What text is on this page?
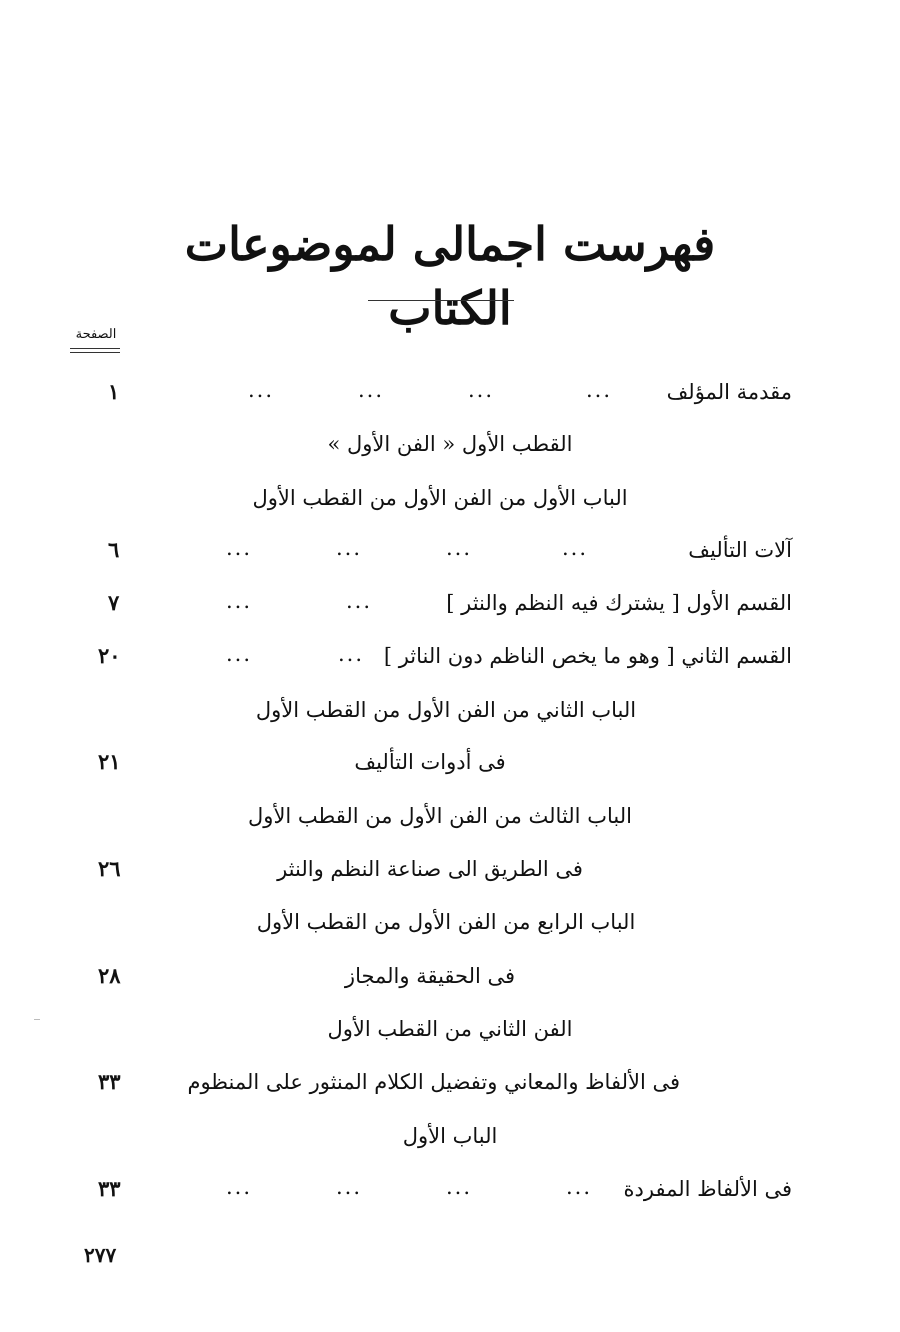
فهرست اجمالى لموضوعات الكتاب
الصفحة
مقدمة المؤلف
...
...
...
...
١
القطب الأول « الفن الأول »
الباب الأول من الفن الأول من القطب الأول
آلات التأليف
...
...
...
...
٦
القسم الأول [ يشترك فيه النظم والنثر ]
...
...
٧
القسم الثاني [ وهو ما يخص الناظم دون الناثر ]
...
...
٢٠
الباب الثاني من الفن الأول من القطب الأول
فى أدوات التأليف
٢١
الباب الثالث من الفن الأول من القطب الأول
فى الطريق الى صناعة النظم والنثر
٢٦
الباب الرابع من الفن الأول من القطب الأول
فى الحقيقة والمجاز
٢٨
الفن الثاني من القطب الأول
فى الألفاظ والمعاني وتفضيل الكلام المنثور على المنظوم
٣٣
الباب الأول
فى الألفاظ المفردة
...
...
...
...
٣٣
٢٧٧
